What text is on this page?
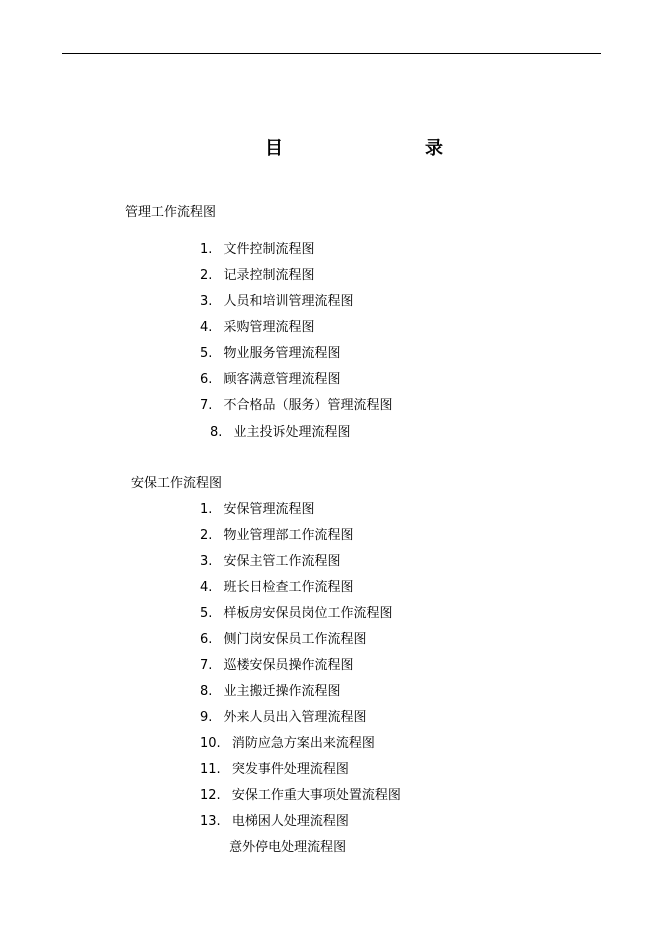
目	录
管理工作流程图
1. 文件控制流程图
2. 记录控制流程图
3. 人员和培训管理流程图
4. 采购管理流程图
5. 物业服务管理流程图
6. 顾客满意管理流程图
7. 不合格品（服务）管理流程图
8. 业主投诉处理流程图
安保工作流程图
1. 安保管理流程图
2. 物业管理部工作流程图
3. 安保主管工作流程图
4. 班长日检查工作流程图
5. 样板房安保员岗位工作流程图
6. 侧门岗安保员工作流程图
7. 巡楼安保员操作流程图
8. 业主搬迁操作流程图
9. 外来人员出入管理流程图
10. 消防应急方案出来流程图
11. 突发事件处理流程图
12. 安保工作重大事项处置流程图
13. 电梯困人处理流程图
意外停电处理流程图
